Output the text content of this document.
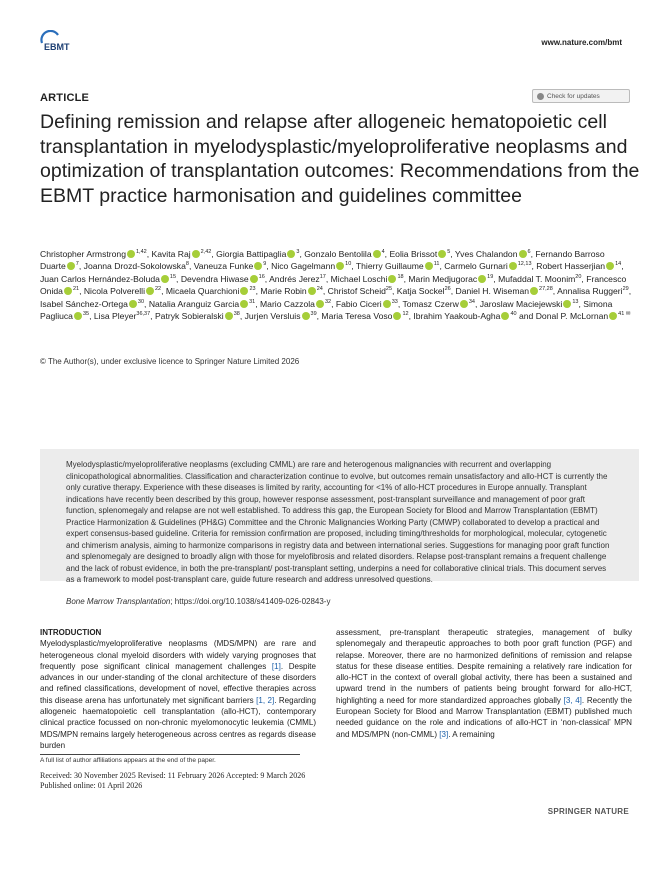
EBMT	www.nature.com/bmt
ARTICLE	Check for updates
Defining remission and relapse after allogeneic hematopoietic cell transplantation in myelodysplastic/myeloproliferative neoplasms and optimization of transplantation outcomes: Recommendations from the EBMT practice harmonisation and guidelines committee
Christopher Armstrong $^{1,42}$, Kavita Raj $^{2,42}$, Giorgia Battipaglia $^3$, Gonzalo Bentolila $^4$, Eolia Brissot $^5$, Yves Chalandon $^6$, Fernando Barroso Duarte $^7$, Joanna Drozd-Sokolowska$^8$, Vaneuza Funke $^9$, Nico Gagelmann $^{10}$, Thierry Guillaume $^{11}$, Carmelo Gurnari $^{12,13}$, Robert Hasserjian $^{14}$, Juan Carlos Hernández-Boluda $^{15}$, Devendra Hiwase $^{16}$, Andrés Jerez$^{17}$, Michael Loschi $^{18}$, Marin Medjugorac $^{19}$, Mufaddal T. Moonim$^{20}$, Francesco Onida $^{21}$, Nicola Polverelli $^{22}$, Micaela Quarchioni $^{23}$, Marie Robin $^{24}$, Christof Scheid$^{25}$, Katja Sockel$^{26}$, Daniel H. Wiseman $^{27,28}$, Annalisa Ruggeri$^{29}$, Isabel Sánchez-Ortega $^{30}$, Natalia Aranguiz Garcia $^{31}$, Mario Cazzola $^{32}$, Fabio Ciceri $^{33}$, Tomasz Czerw $^{34}$, Jaroslaw Maciejewski $^{13}$, Simona Pagliuca $^{35}$, Lisa Pleyer$^{36,37}$, Patryk Sobieralski $^{38}$, Jurjen Versluis $^{39}$, Maria Teresa Voso $^{12}$, Ibrahim Yaakoub-Agha $^{40}$ and Donal P. McLornan $^{41 ✉}$
© The Author(s), under exclusive licence to Springer Nature Limited 2026

Myelodysplastic/myeloproliferative neoplasms (excluding CMML) are rare and heterogenous malignancies with recurrent and overlapping clinicopathological abnormalities. Classification and characterization continue to evolve, but outcomes remain unsatisfactory and allo-HCT is currently the only curative therapy. Experience with these diseases is limited by rarity, accounting for <1% of allo-HCT procedures in Europe annually. Transplant indications have recently been described by this group, however response assessment, post-transplant surveillance and management of poor graft function, splenomegaly and relapse are not well established. To address this gap, the European Society for Blood and Marrow Transplantation (EBMT) Practice Harmonization & Guidelines (PH&G) Committee and the Chronic Malignancies Working Party (CMWP) collaborated to develop a practical and expert consensus-based guideline. Criteria for remission confirmation are proposed, including timing/thresholds for morphological, molecular, cytogenetic and chimerism analysis, aiming to harmonize comparisons in registry data and between international series. Suggestions for managing poor graft function and splenomegaly are designed to broadly align with those for myelofibrosis and related disorders. Relapse post-transplant remains a frequent challenge and the lack of robust evidence, in both the pre-transplant/ post-transplant setting, underpins a need for collaborative clinical trials. This document serves as a framework to model post-transplant care, guide future research and address unresolved questions.

Bone Marrow Transplantation; https://doi.org/10.1038/s41409-026-02843-y

INTRODUCTION

Myelodysplastic/myeloproliferative neoplasms (MDS/MPN) are rare and heterogeneous clonal myeloid disorders with widely varying prognoses that frequently pose significant clinical management challenges [1]. Despite advances in our under-standing of the clonal architecture of these disorders and refined classifications, development of novel, effective therapies across this disease arena has unfortunately met significant barriers [1, 2]. Regarding allogeneic haematopoietic cell transplantation (allo-HCT), contemporary clinical practice focussed on non-chronic myelomonocytic leukemia (CMML) MDS/MPN remains largely heterogeneous across centres as regards disease burden
assessment, pre-transplant therapeutic strategies, management of bulky splenomegaly and therapeutic approaches to both poor graft function (PGF) and relapse. Moreover, there are no harmonized definitions of remission and relapse status for these disease entities. Despite remaining a relatively rare indication for allo-HCT in the context of overall global activity, there has been a sustained and upward trend in the numbers of patients being brought forward for allo-HCT, highlighting a need for more standardized approaches globally [3, 4]. Recently the European Society for Blood and Marrow Transplantation (EBMT) published much needed guidance on the role and indications of allo-HCT in ‘non-classical’ MPN and MDS/MPN (non-CMML) [3]. A remaining
A full list of author affiliations appears at the end of the paper.
Received: 30 November 2025 Revised: 11 February 2026 Accepted: 9 March 2026
Published online: 01 April 2026
SPRINGER NATURE
